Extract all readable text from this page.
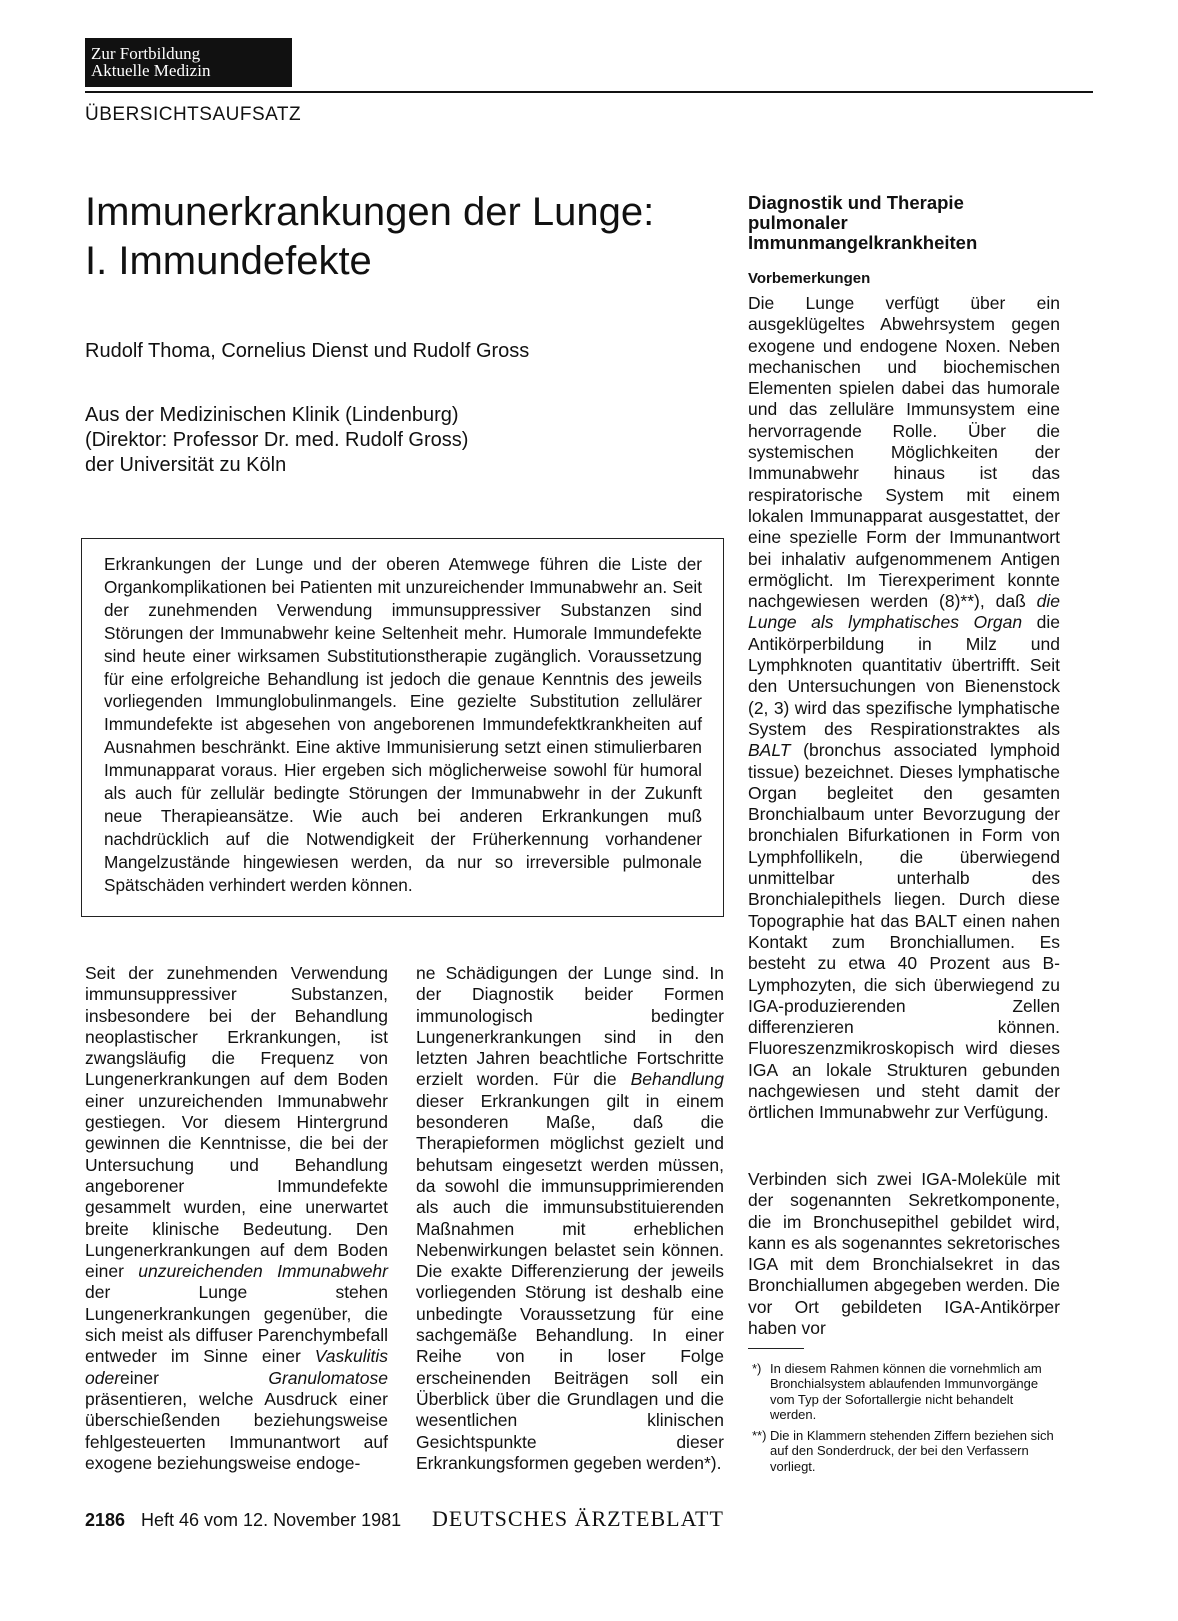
Zur Fortbildung
Aktuelle Medizin
ÜBERSICHTSAUFSATZ
Immunerkrankungen der Lunge:
I. Immundefekte
Rudolf Thoma, Cornelius Dienst und Rudolf Gross
Aus der Medizinischen Klinik (Lindenburg)
(Direktor: Professor Dr. med. Rudolf Gross)
der Universität zu Köln
Erkrankungen der Lunge und der oberen Atemwege führen die Liste der Organkomplikationen bei Patienten mit unzureichender Immunabwehr an. Seit der zunehmenden Verwendung immunsuppressiver Substanzen sind Störungen der Immunabwehr keine Seltenheit mehr. Humorale Immundefekte sind heute einer wirksamen Substitutionstherapie zugänglich. Voraussetzung für eine erfolgreiche Behandlung ist jedoch die genaue Kenntnis des jeweils vorliegenden Immunglobulinmangels. Eine gezielte Substitution zellulärer Immundefekte ist abgesehen von angeborenen Immundefektkrankheiten auf Ausnahmen beschränkt. Eine aktive Immunisierung setzt einen stimulierbaren Immunapparat voraus. Hier ergeben sich möglicherweise sowohl für humoral als auch für zellulär bedingte Störungen der Immunabwehr in der Zukunft neue Therapieansätze. Wie auch bei anderen Erkrankungen muß nachdrücklich auf die Notwendigkeit der Früherkennung vorhandener Mangelzustände hingewiesen werden, da nur so irreversible pulmonale Spätschäden verhindert werden können.
Seit der zunehmenden Verwendung immunsuppressiver Substanzen, insbesondere bei der Behandlung neoplastischer Erkrankungen, ist zwangsläufig die Frequenz von Lungenerkrankungen auf dem Boden einer unzureichenden Immunabwehr gestiegen. Vor diesem Hintergrund gewinnen die Kenntnisse, die bei der Untersuchung und Behandlung angeborener Immundefekte gesammelt wurden, eine unerwartet breite klinische Bedeutung. Den Lungenerkrankungen auf dem Boden einer unzureichenden Immunabwehr der Lunge stehen Lungenerkrankungen gegenüber, die sich meist als diffuser Parenchymbefall entweder im Sinne einer Vaskulitis odereiner Granulomatose präsentieren, welche Ausdruck einer überschießenden beziehungsweise fehlgesteuerten Immunantwort auf exogene beziehungsweise endoge-
ne Schädigungen der Lunge sind. In der Diagnostik beider Formen immunologisch bedingter Lungenerkrankungen sind in den letzten Jahren beachtliche Fortschritte erzielt worden. Für die Behandlung dieser Erkrankungen gilt in einem besonderen Maße, daß die Therapieformen möglichst gezielt und behutsam eingesetzt werden müssen, da sowohl die immunsupprimierenden als auch die immunsubstituierenden Maßnahmen mit erheblichen Nebenwirkungen belastet sein können. Die exakte Differenzierung der jeweils vorliegenden Störung ist deshalb eine unbedingte Voraussetzung für eine sachgemäße Behandlung. In einer Reihe von in loser Folge erscheinenden Beiträgen soll ein Überblick über die Grundlagen und die wesentlichen klinischen Gesichtspunkte dieser Erkrankungsformen gegeben werden*).
Diagnostik und Therapie
pulmonaler
Immunmangelkrankheiten
Vorbemerkungen
Die Lunge verfügt über ein ausgeklügeltes Abwehrsystem gegen exogene und endogene Noxen. Neben mechanischen und biochemischen Elementen spielen dabei das humorale und das zelluläre Immunsystem eine hervorragende Rolle. Über die systemischen Möglichkeiten der Immunabwehr hinaus ist das respiratorische System mit einem lokalen Immunapparat ausgestattet, der eine spezielle Form der Immunantwort bei inhalativ aufgenommenem Antigen ermöglicht. Im Tierexperiment konnte nachgewiesen werden (8)**), daß die Lunge als lymphatisches Organ die Antikörperbildung in Milz und Lymphknoten quantitativ übertrifft. Seit den Untersuchungen von Bienenstock (2, 3) wird das spezifische lymphatische System des Respirationstraktes als BALT (bronchus associated lymphoid tissue) bezeichnet. Dieses lymphatische Organ begleitet den gesamten Bronchialbaum unter Bevorzugung der bronchialen Bifurkationen in Form von Lymphfollikeln, die überwiegend unmittelbar unterhalb des Bronchialepithels liegen. Durch diese Topographie hat das BALT einen nahen Kontakt zum Bronchiallumen. Es besteht zu etwa 40 Prozent aus B-Lymphozyten, die sich überwiegend zu IGA-produzierenden Zellen differenzieren können. Fluoreszenzmikroskopisch wird dieses IGA an lokale Strukturen gebunden nachgewiesen und steht damit der örtlichen Immunabwehr zur Verfügung.
Verbinden sich zwei IGA-Moleküle mit der sogenannten Sekretkomponente, die im Bronchusepithel gebildet wird, kann es als sogenanntes sekretorisches IGA mit dem Bronchialsekret in das Bronchiallumen abgegeben werden. Die vor Ort gebildeten IGA-Antikörper haben vor
*) In diesem Rahmen können die vornehmlich am Bronchialsystem ablaufenden Immunvorgänge vom Typ der Sofortallergie nicht behandelt werden.
**) Die in Klammern stehenden Ziffern beziehen sich auf den Sonderdruck, der bei den Verfassern vorliegt.
2186 Heft 46 vom 12. November 1981 DEUTSCHES ÄRZTEBLATT
